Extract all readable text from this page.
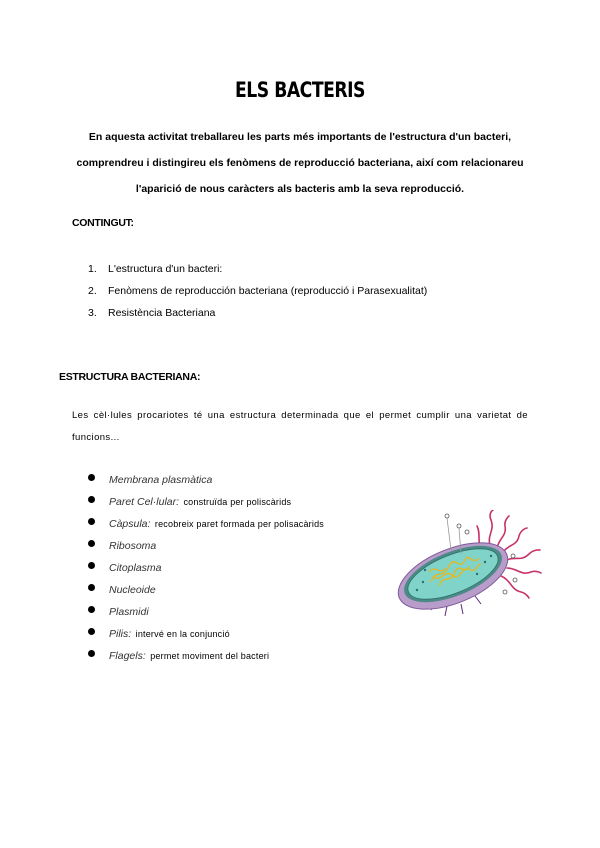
ELS BACTERIS

En aquesta activitat treballareu les parts més importants de l'estructura d'un bacteri, comprendreu i distingireu els fenòmens de reproducció bacteriana, així com relacionareu l'aparició de nous caràcters als bacteris amb la seva reproducció.

CONTINGUT:
1. L'estructura d'un bacteri:
2. Fenòmens de reproducción bacteriana (reproducció i Parasexualitat)
3. Resistència Bacteriana
ESTRUCTURA BACTERIANA:

Les cèl·lules procariotes té una estructura determinada que el permet cumplir una varietat de funcions...

Membrana plasmàtica
Paret Cel·lular: construïda per poliscàrids
Càpsula: recobreix paret formada per polisacàrids
Ribosoma
Citoplasma
Nucleoide
Plasmidi
Pilis: intervé en la conjunció
Flagels: permet moviment del bacteri
